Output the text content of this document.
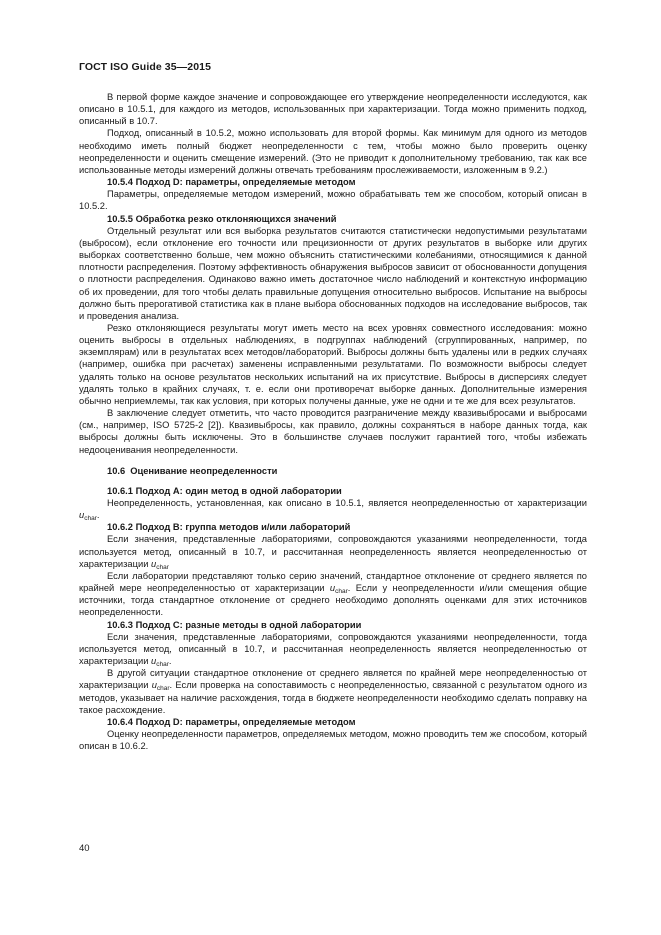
ГОСТ ISO Guide 35—2015

В первой форме каждое значение и сопровождающее его утверждение неопределенности исследуются, как описано в 10.5.1, для каждого из методов, использованных при характеризации. Тогда можно применить подход, описанный в 10.7.

Подход, описанный в 10.5.2, можно использовать для второй формы. Как минимум для одного из методов необходимо иметь полный бюджет неопределенности с тем, чтобы можно было проверить оценку неопределенности и оценить смещение измерений. (Это не приводит к дополнительному требованию, так как все использованные методы измерений должны отвечать требованиям прослеживаемости, изложенным в 9.2.)

10.5.4 Подход D: параметры, определяемые методом

Параметры, определяемые методом измерений, можно обрабатывать тем же способом, который описан в 10.5.2.

10.5.5 Обработка резко отклоняющихся значений

Отдельный результат или вся выборка результатов считаются статистически недопустимыми результатами (выбросом), если отклонение его точности или прецизионности от других результатов в выборке или других выборках соответственно больше, чем можно объяснить статистическими колебаниями, относящимися к данной плотности распределения. Поэтому эффективность обнаружения выбросов зависит от обоснованности допущения о плотности распределения. Одинаково важно иметь достаточное число наблюдений и контекстную информацию об их проведении, для того чтобы делать правильные допущения относительно выбросов. Испытание на выбросы должно быть прерогативой статистика как в плане выбора обоснованных подходов на исследование выбросов, так и проведения анализа.

Резко отклоняющиеся результаты могут иметь место на всех уровнях совместного исследования: можно оценить выбросы в отдельных наблюдениях, в подгруппах наблюдений (сгруппированных, например, по экземплярам) или в результатах всех методов/лабораторий. Выбросы должны быть удалены или в редких случаях (например, ошибка при расчетах) заменены исправленными результатами. По возможности выбросы следует удалять только на основе результатов нескольких испытаний на их присутствие. Выбросы в дисперсиях следует удалять только в крайних случаях, т. е. если они противоречат выборке данных. Дополнительные измерения обычно неприемлемы, так как условия, при которых получены данные, уже не одни и те же для всех результатов.

В заключение следует отметить, что часто проводится разграничение между квазивыбросами и выбросами (см., например, ISO 5725-2 [2]). Квазивыбросы, как правило, должны сохраняться в наборе данных тогда, как выбросы должны быть исключены. Это в большинстве случаев послужит гарантией того, чтобы избежать недооценивания неопределенности.

10.6 Оценивание неопределенности
10.6.1 Подход А: один метод в одной лаборатории

Неопределенность, установленная, как описано в 10.5.1, является неопределенностью от характеризации $u_{char}$.

10.6.2 Подход В: группа методов и/или лабораторий

Если значения, представленные лабораториями, сопровождаются указаниями неопределенности, тогда используется метод, описанный в 10.7, и рассчитанная неопределенность является неопределенностью от характеризации $u_{char}$

Если лаборатории представляют только серию значений, стандартное отклонение от среднего является по крайней мере неопределенностью от характеризации $u_{char}$. Если у неопределенности и/или смещения общие источники, тогда стандартное отклонение от среднего необходимо дополнять оценками для этих источников неопределенности.

10.6.3 Подход С: разные методы в одной лаборатории

Если значения, представленные лабораториями, сопровождаются указаниями неопределенности, тогда используется метод, описанный в 10.7, и рассчитанная неопределенность является неопределенностью от характеризации $u_{char}$.

В другой ситуации стандартное отклонение от среднего является по крайней мере неопределенностью от характеризации $u_{char}$. Если проверка на сопоставимость с неопределенностью, связанной с результатом одного из методов, указывает на наличие расхождения, тогда в бюджете неопределенности необходимо сделать поправку на такое расхождение.

10.6.4 Подход D: параметры, определяемые методом

Оценку неопределенности параметров, определяемых методом, можно проводить тем же способом, который описан в 10.6.2.

40
